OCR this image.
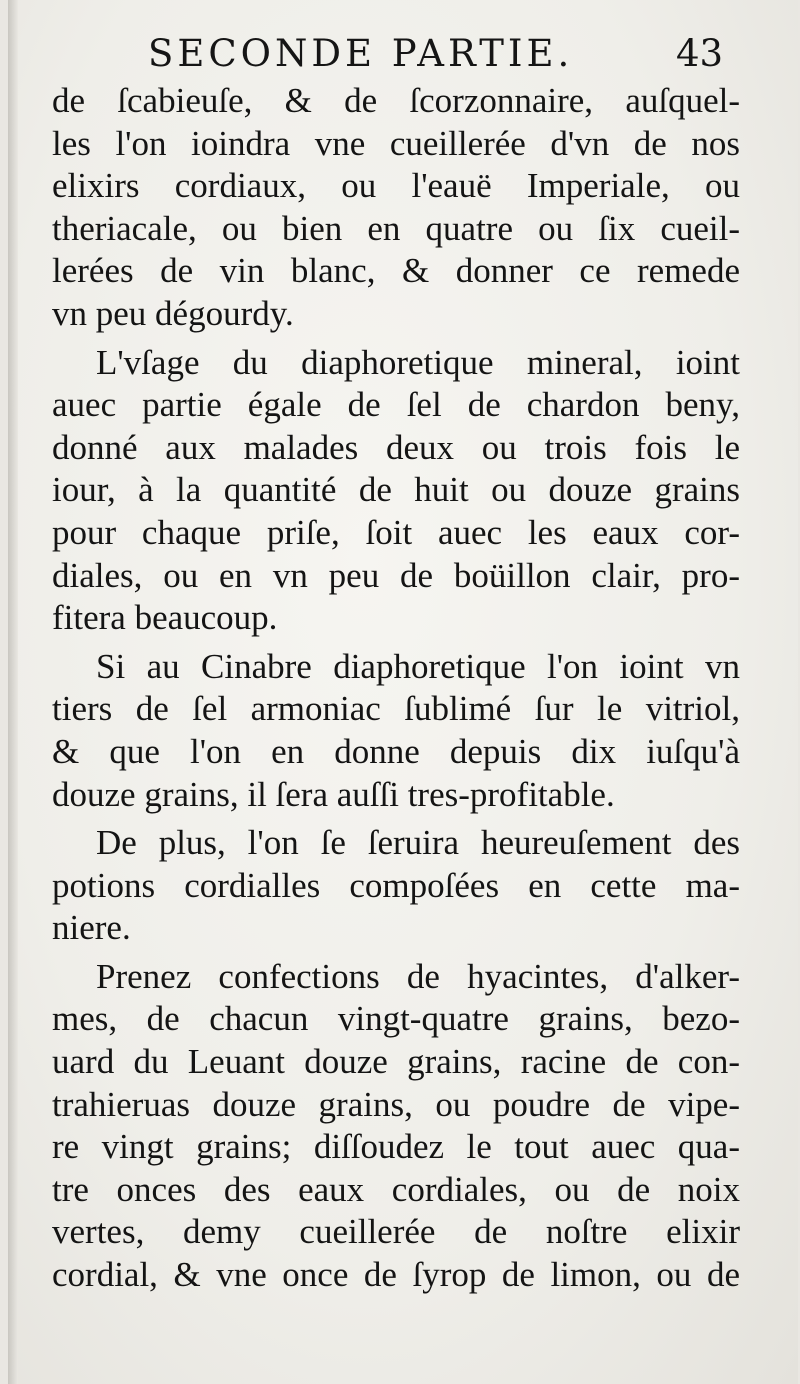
SECONDE PARTIE.	43
de ſcabieuſe, & de ſcorzonnaire, auſquel-
les l'on ioindra vne cueillerée d'vn de nos
elixirs cordiaux, ou l'eauë Imperiale, ou
theriacale, ou bien en quatre ou ſix cueil-
lerées de vin blanc, & donner ce remede
vn peu dégourdy.
L'vſage du diaphoretique mineral, ioint
auec partie égale de ſel de chardon beny,
donné aux malades deux ou trois fois le
iour, à la quantité de huit ou douze grains
pour chaque priſe, ſoit auec les eaux cor-
diales, ou en vn peu de boüillon clair, pro-
fitera beaucoup.
Si au Cinabre diaphoretique l'on ioint vn
tiers de ſel armoniac ſublimé ſur le vitriol,
& que l'on en donne depuis dix iuſqu'à
douze grains, il ſera auſſi tres-profitable.
De plus, l'on ſe ſeruira heureuſement des
potions cordialles compoſées en cette ma-
niere.
Prenez confections de hyacintes, d'alker-
mes, de chacun vingt-quatre grains, bezo-
uard du Leuant douze grains, racine de con-
trahieruas douze grains, ou poudre de vipe-
re vingt grains; diſſoudez le tout auec qua-
tre onces des eaux cordiales, ou de noix
vertes, demy cueillerée de noſtre elixir
cordial, & vne once de ſyrop de limon, ou de
